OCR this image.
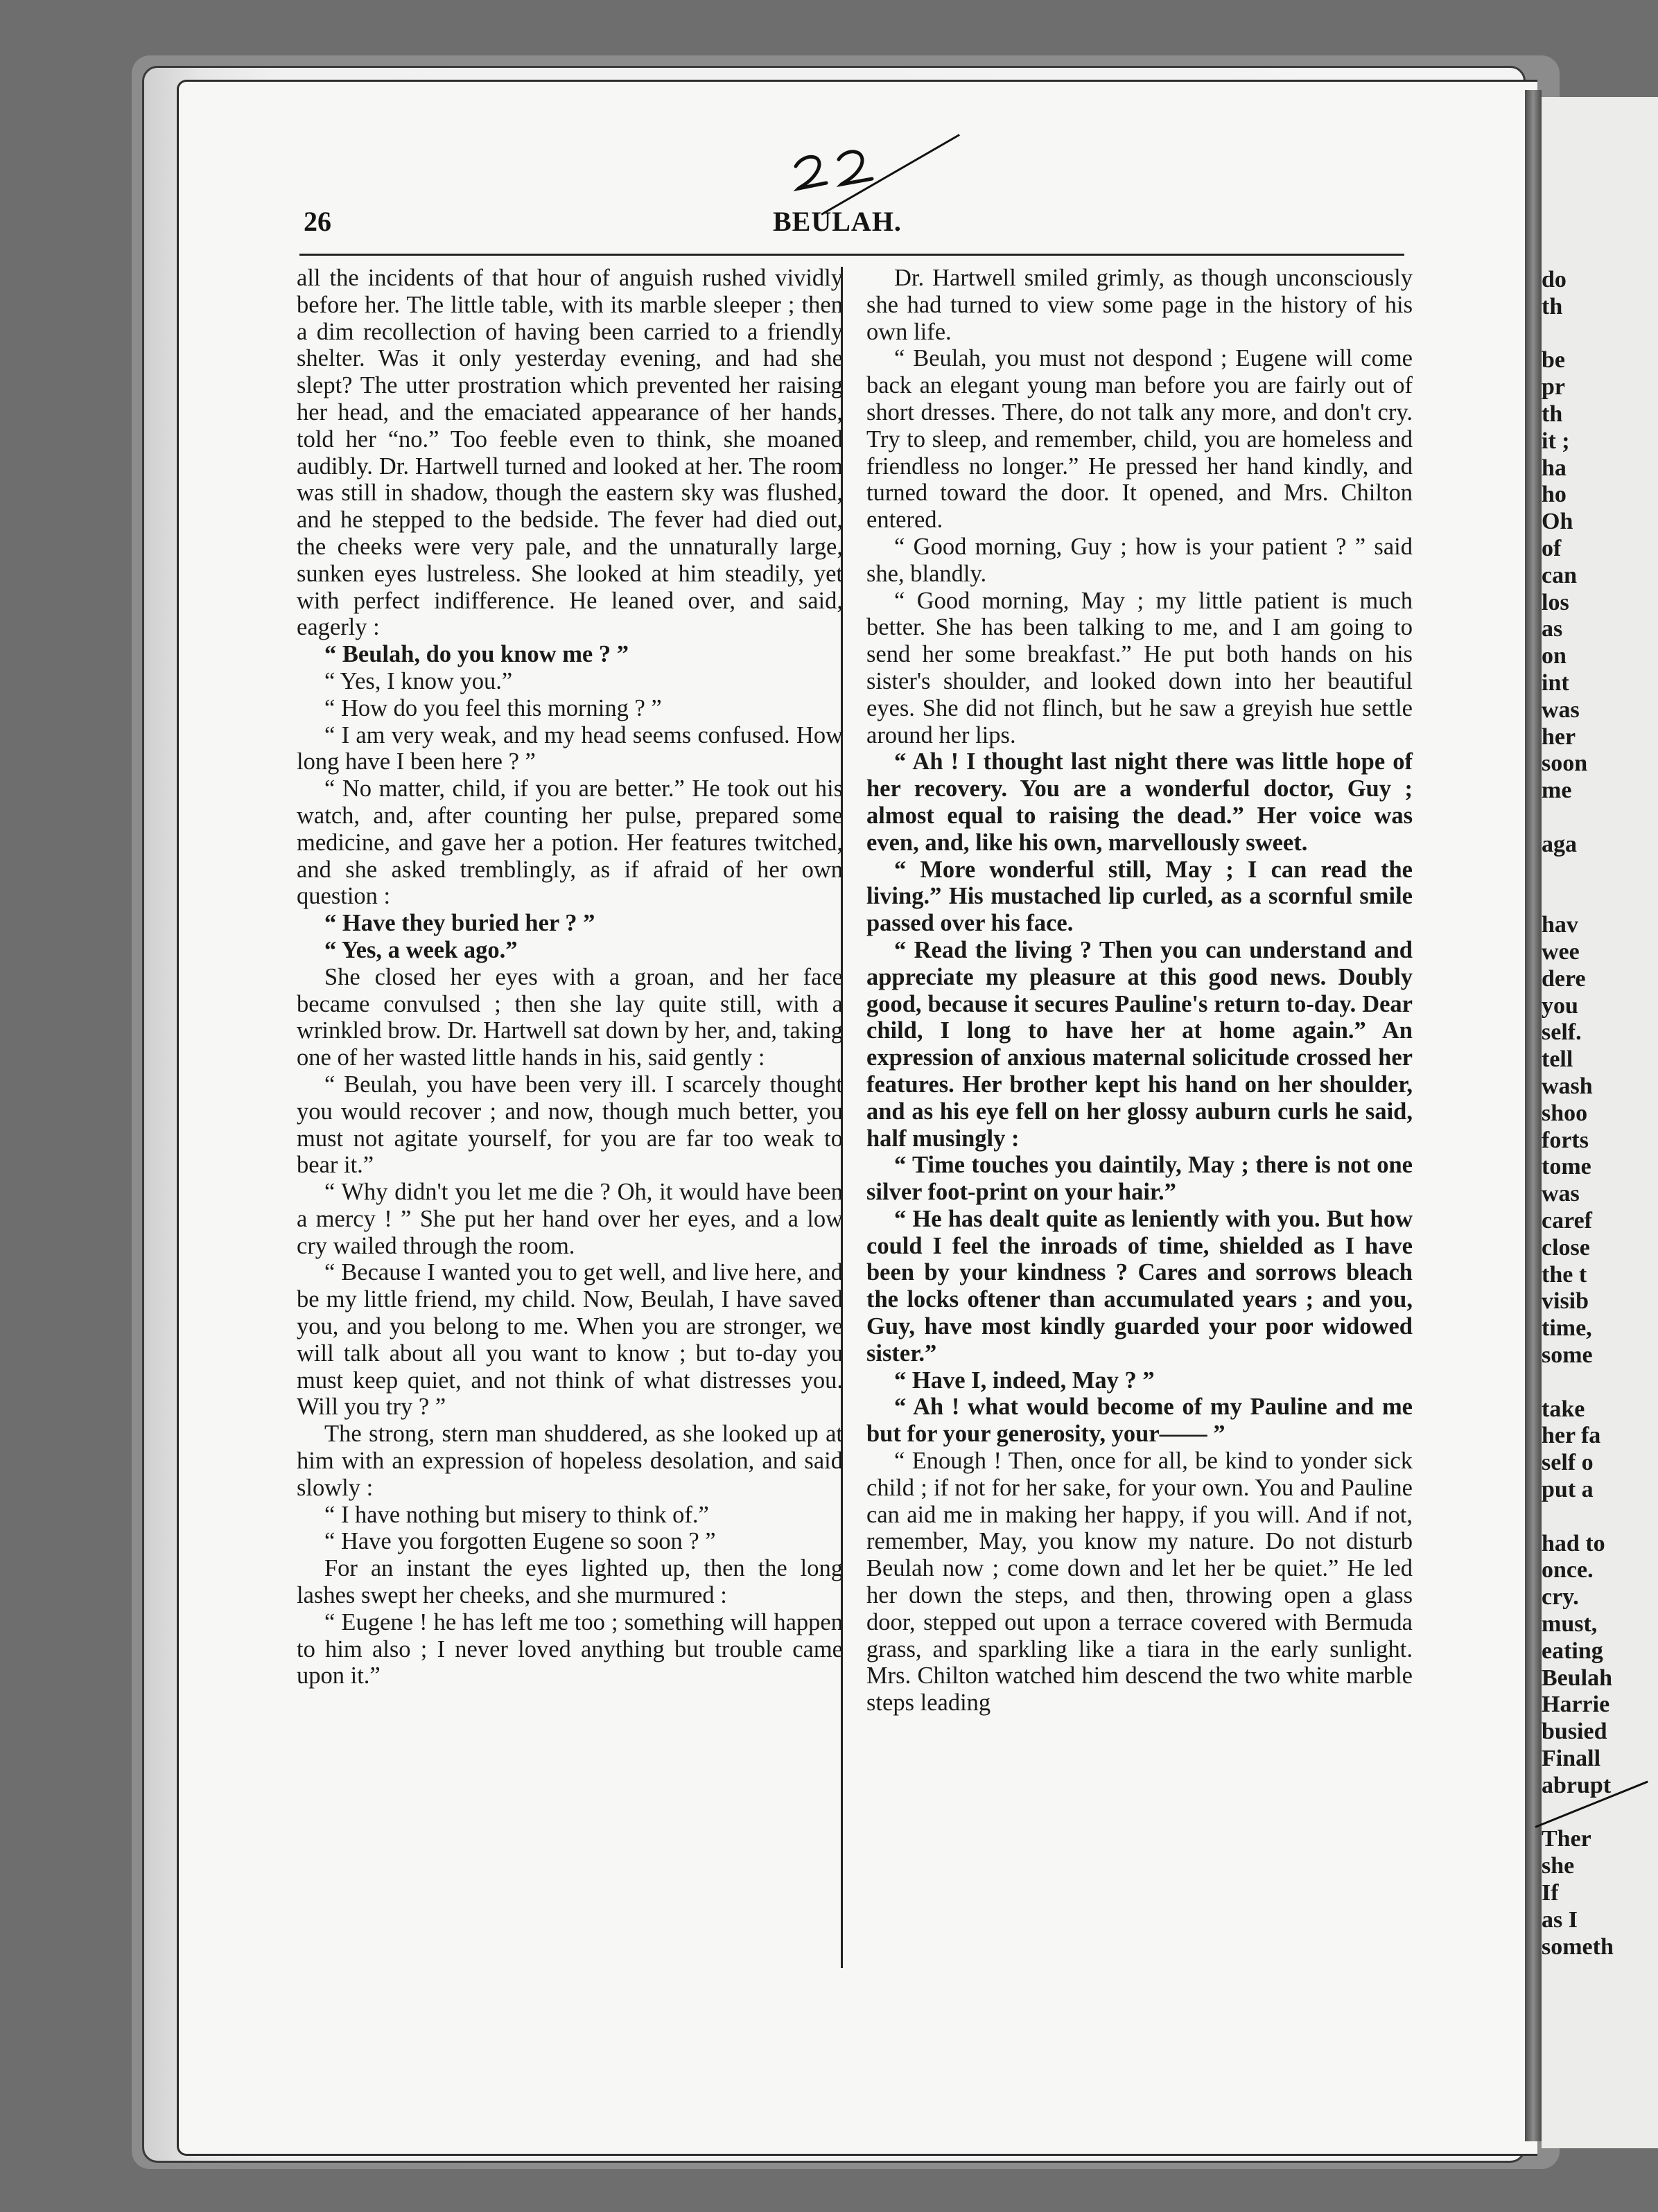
26	BEULAH.

all the incidents of that hour of anguish rushed vividly before her. The little table, with its marble sleeper ; then a dim recollection of having been carried to a friendly shelter. Was it only yesterday evening, and had she slept? The utter prostration which prevented her raising her head, and the emaciated appearance of her hands, told her “no.” Too feeble even to think, she moaned audibly. Dr. Hartwell turned and looked at her. The room was still in shadow, though the eastern sky was flushed, and he stepped to the bedside. The fever had died out, the cheeks were very pale, and the unnaturally large, sunken eyes lustreless. She looked at him steadily, yet with perfect indifference. He leaned over, and said, eagerly :

“ Beulah, do you know me ? ”

“ Yes, I know you.”

“ How do you feel this morning ? ”

“ I am very weak, and my head seems confused. How long have I been here ? ”

“ No matter, child, if you are better.” He took out his watch, and, after counting her pulse, prepared some medicine, and gave her a potion. Her features twitched, and she asked tremblingly, as if afraid of her own question :

“ Have they buried her ? ”

“ Yes, a week ago.”

She closed her eyes with a groan, and her face became convulsed ; then she lay quite still, with a wrinkled brow. Dr. Hartwell sat down by her, and, taking one of her wasted little hands in his, said gently :

“ Beulah, you have been very ill. I scarcely thought you would recover ; and now, though much better, you must not agitate yourself, for you are far too weak to bear it.”

“ Why didn't you let me die ? Oh, it would have been a mercy ! ” She put her hand over her eyes, and a low cry wailed through the room.

“ Because I wanted you to get well, and live here, and be my little friend, my child. Now, Beulah, I have saved you, and you belong to me. When you are stronger, we will talk about all you want to know ; but to-day you must keep quiet, and not think of what distresses you. Will you try ? ”

The strong, stern man shuddered, as she looked up at him with an expression of hopeless desolation, and said slowly :

“ I have nothing but misery to think of.”

“ Have you forgotten Eugene so soon ? ”

For an instant the eyes lighted up, then the long lashes swept her cheeks, and she murmured :

“ Eugene ! he has left me too ; something will happen to him also ; I never loved anything but trouble came upon it.”

Dr. Hartwell smiled grimly, as though unconsciously she had turned to view some page in the history of his own life.

“ Beulah, you must not despond ; Eugene will come back an elegant young man before you are fairly out of short dresses. There, do not talk any more, and don't cry. Try to sleep, and remember, child, you are homeless and friendless no longer.” He pressed her hand kindly, and turned toward the door. It opened, and Mrs. Chilton entered.

“ Good morning, Guy ; how is your patient ? ” said she, blandly.

“ Good morning, May ; my little patient is much better. She has been talking to me, and I am going to send her some breakfast.” He put both hands on his sister's shoulder, and looked down into her beautiful eyes. She did not flinch, but he saw a greyish hue settle around her lips.

“ Ah ! I thought last night there was little hope of her recovery. You are a wonderful doctor, Guy ; almost equal to raising the dead.” Her voice was even, and, like his own, marvellously sweet.

“ More wonderful still, May ; I can read the living.” His mustached lip curled, as a scornful smile passed over his face.

“ Read the living ? Then you can understand and appreciate my pleasure at this good news. Doubly good, because it secures Pauline's return to-day. Dear child, I long to have her at home again.” An expression of anxious maternal solicitude crossed her features. Her brother kept his hand on her shoulder, and as his eye fell on her glossy auburn curls he said, half musingly :

“ Time touches you daintily, May ; there is not one silver foot-print on your hair.”

“ He has dealt quite as leniently with you. But how could I feel the inroads of time, shielded as I have been by your kindness ? Cares and sorrows bleach the locks oftener than accumulated years ; and you, Guy, have most kindly guarded your poor widowed sister.”

“ Have I, indeed, May ? ”

“ Ah ! what would become of my Pauline and me but for your generosity, your—— ”

“ Enough ! Then, once for all, be kind to yonder sick child ; if not for her sake, for your own. You and Pauline can aid me in making her happy, if you will. And if not, remember, May, you know my nature. Do not disturb Beulah now ; come down and let her be quiet.” He led her down the steps, and then, throwing open a glass door, stepped out upon a terrace covered with Bermuda grass, and sparkling like a tiara in the early sunlight. Mrs. Chilton watched him descend the two white marble steps leading

do
th
be
pr
th
it ;
ha
ho
Oh
of
can
los
as
on
int
was
her
soon
me
aga
hav
wee
dere
you
self.
tell
wash
shoo
forts
tome
was
caref
close
the t
visib
time,
some
take
her fa
self o
put a
had to
once.
cry.
must,
eating
Beulah
Harrie
busied
Finall
abrupt
Ther
she
If
as I
someth
